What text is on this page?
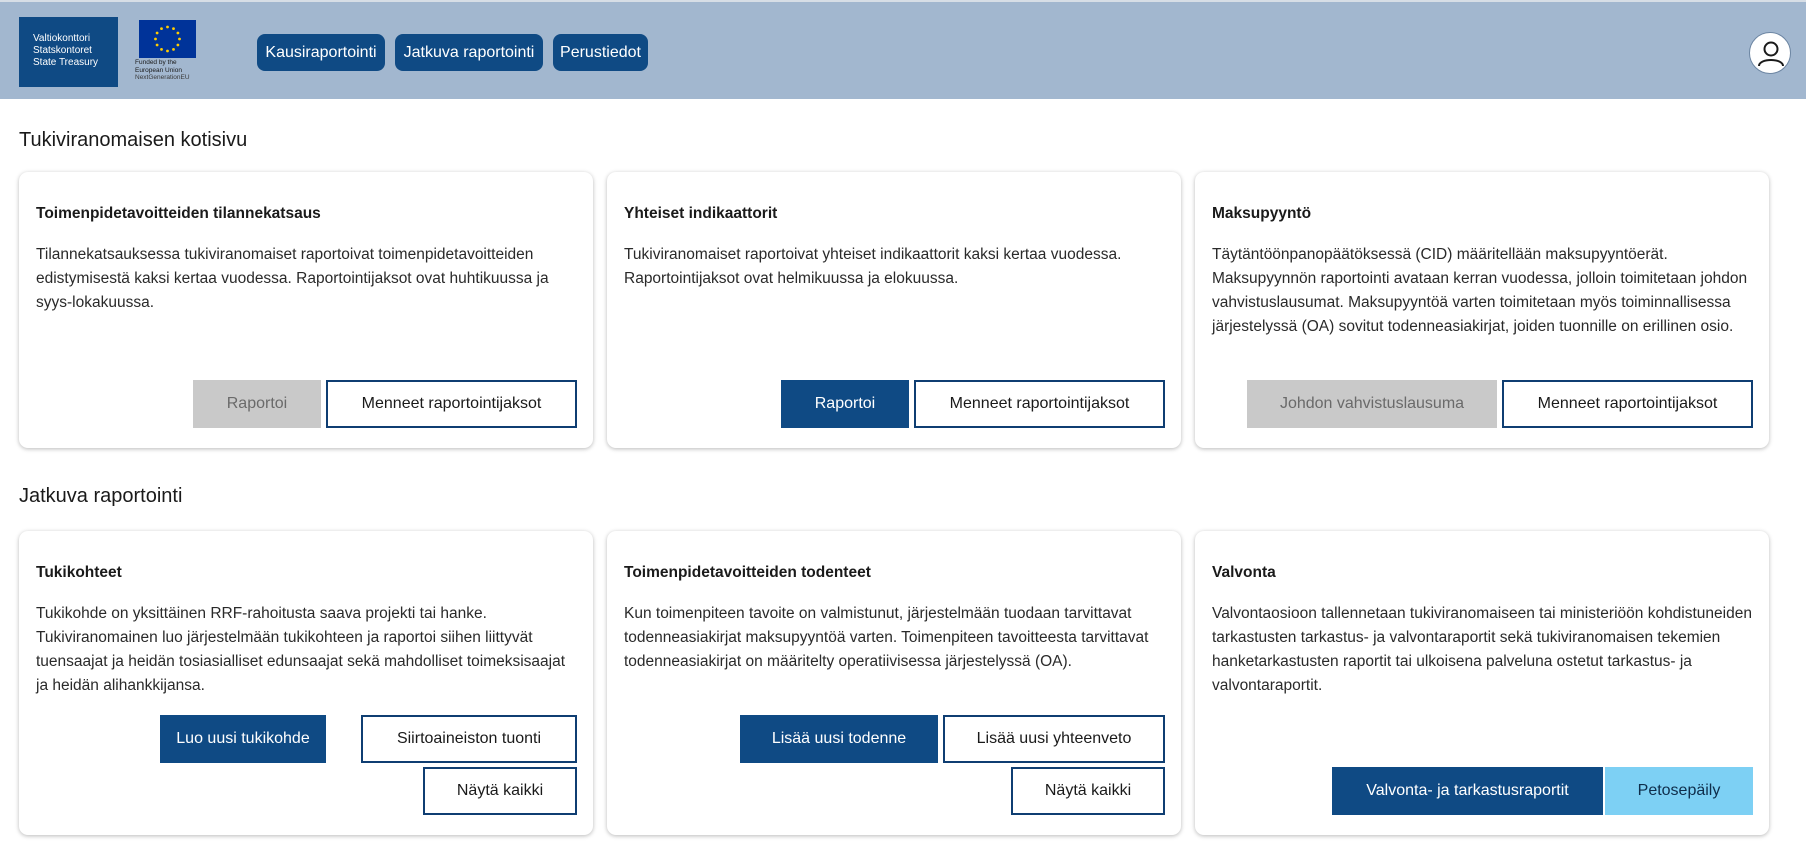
Valtiokonttori
Statskontoret
State Treasury	Funded by the
European Union
NextGenerationEU
Kausiraportointi	Jatkuva raportointi	Perustiedot
Tukiviranomaisen kotisivu
Toimenpidetavoitteiden tilannekatsaus
Tilannekatsauksessa tukiviranomaiset raportoivat toimenpidetavoitteiden edistymisestä kaksi kertaa vuodessa. Raportointijaksot ovat huhtikuussa ja syys-lokakuussa.
Raportoi	Menneet raportointijaksot
Yhteiset indikaattorit
Tukiviranomaiset raportoivat yhteiset indikaattorit kaksi kertaa vuodessa. Raportointijaksot ovat helmikuussa ja elokuussa.
Raportoi	Menneet raportointijaksot
Maksupyyntö
Täytäntöönpanopäätöksessä (CID) määritellään maksupyyntöerät. Maksupyynnön raportointi avataan kerran vuodessa, jolloin toimitetaan johdon vahvistuslausumat. Maksupyyntöä varten toimitetaan myös toiminnallisessa järjestelyssä (OA) sovitut todenneasiakirjat, joiden tuonnille on erillinen osio.
Johdon vahvistuslausuma	Menneet raportointijaksot
Jatkuva raportointi
Tukikohteet
Tukikohde on yksittäinen RRF-rahoitusta saava projekti tai hanke. Tukiviranomainen luo järjestelmään tukikohteen ja raportoi siihen liittyvät tuensaajat ja heidän tosiasialliset edunsaajat sekä mahdolliset toimeksisaajat ja heidän alihankkijansa.
Luo uusi tukikohde	Siirtoaineiston tuonti
Näytä kaikki
Toimenpidetavoitteiden todenteet
Kun toimenpiteen tavoite on valmistunut, järjestelmään tuodaan tarvittavat todenneasiakirjat maksupyyntöä varten. Toimenpiteen tavoitteesta tarvittavat todenneasiakirjat on määritelty operatiivisessa järjestelyssä (OA).
Lisää uusi todenne	Lisää uusi yhteenveto
Näytä kaikki
Valvonta
Valvontaosioon tallennetaan tukiviranomaiseen tai ministeriöön kohdistuneiden tarkastusten tarkastus- ja valvontaraportit sekä tukiviranomaisen tekemien hanketarkastusten raportit tai ulkoisena palveluna ostetut tarkastus- ja valvontaraportit.
Valvonta- ja tarkastusraportit	Petosepäily
